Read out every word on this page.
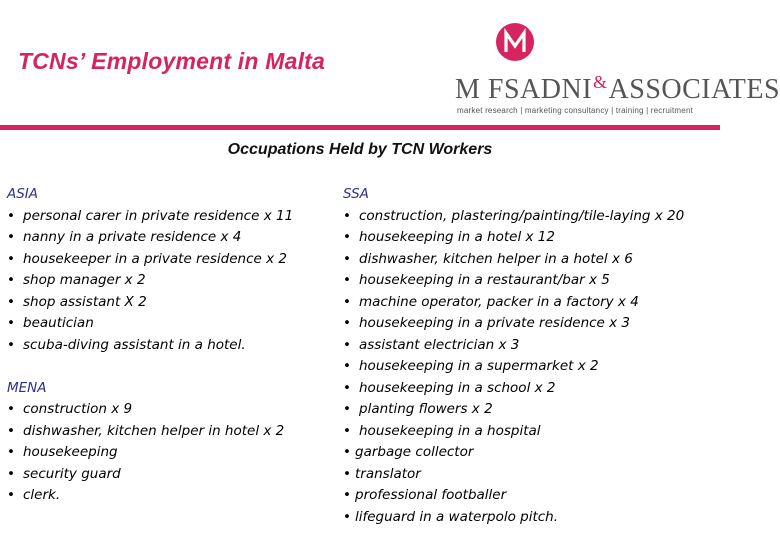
TCNs’ Employment in Malta
M FSADNI&ASSOCIATES
market research | marketing consultancy | training | recruitment
Occupations Held by TCN Workers
ASIA
• personal carer in private residence x 11
• nanny in a private residence x 4
• housekeeper in a private residence x 2
• shop manager x 2
• shop assistant X 2
• beautician
• scuba-diving assistant in a hotel.
MENA
• construction x 9
• dishwasher, kitchen helper in hotel x 2
• housekeeping
• security guard
• clerk.
SSA
• construction, plastering/painting/tile-laying x 20
• housekeeping in a hotel x 12
• dishwasher, kitchen helper in a hotel x 6
• housekeeping in a restaurant/bar x 5
• machine operator, packer in a factory x 4
• housekeeping in a private residence x 3
• assistant electrician x 3
• housekeeping in a supermarket x 2
• housekeeping in a school x 2
• planting flowers x 2
• housekeeping in a hospital
• garbage collector
• translator
• professional footballer
• lifeguard in a waterpolo pitch.
